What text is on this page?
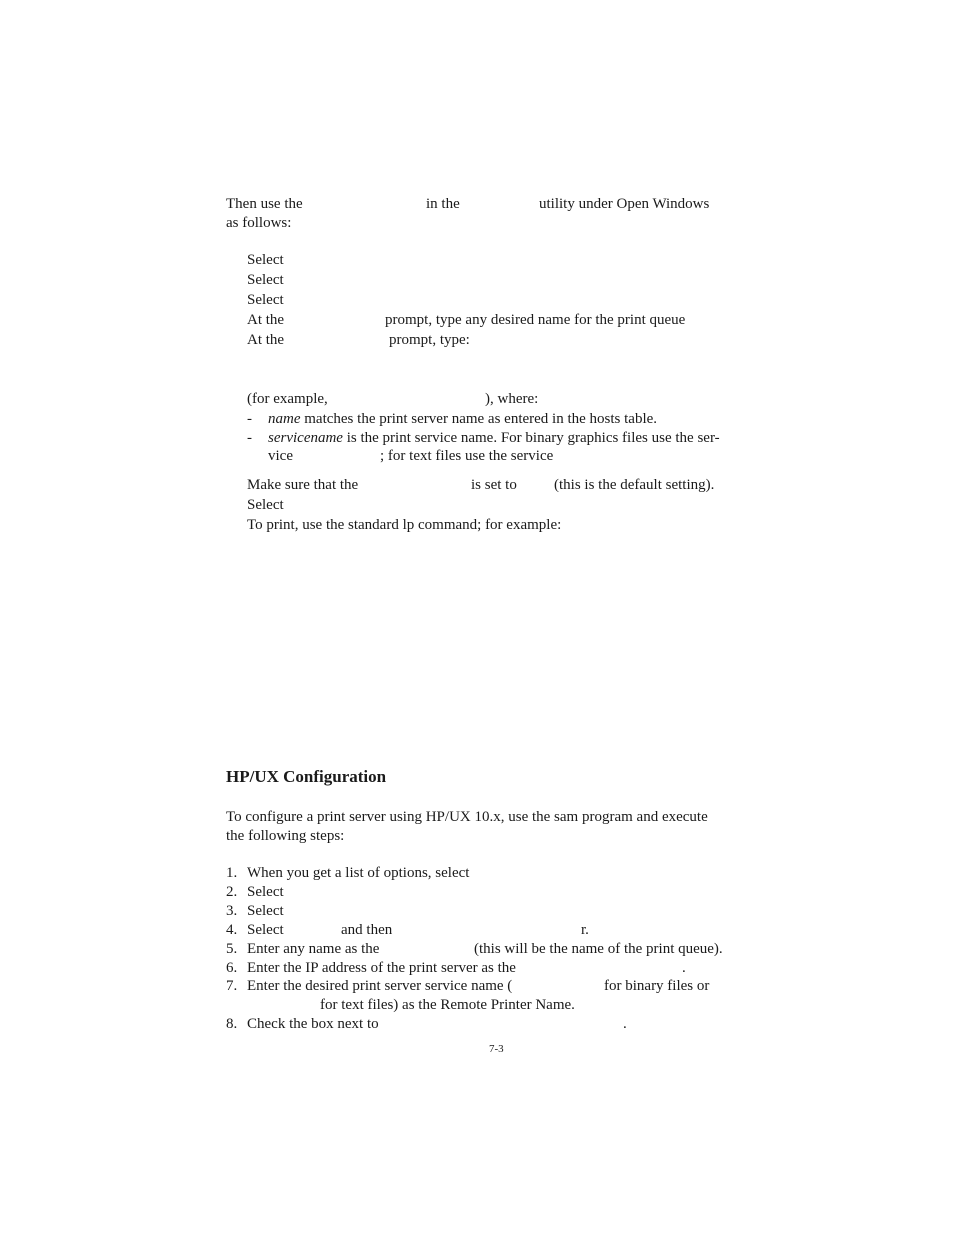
Then use the	in the	utility under Open Windows
as follows:
Select
Select
Select
At the	prompt, type any desired name for the print queue
At the	prompt, type:
(for example,	), where:
- name matches the print server name as entered in the hosts table.
- servicename is the print service name. For binary graphics files use the ser-
vice	; for text files use the service
Make sure that the	is set to (this is the default setting).
Select
To print, use the standard lp command; for example:
HP/UX Configuration
To configure a print server using HP/UX 10.x, use the sam program and execute
the following steps:
1. When you get a list of options, select
2. Select
3. Select
4. Select	and then	r.
5. Enter any name as the	(this will be the name of the print queue).
6. Enter the IP address of the print server as the	.
7. Enter the desired print server service name (	for binary files or
for text files) as the Remote Printer Name.
8. Check the box next to	.
7-3
